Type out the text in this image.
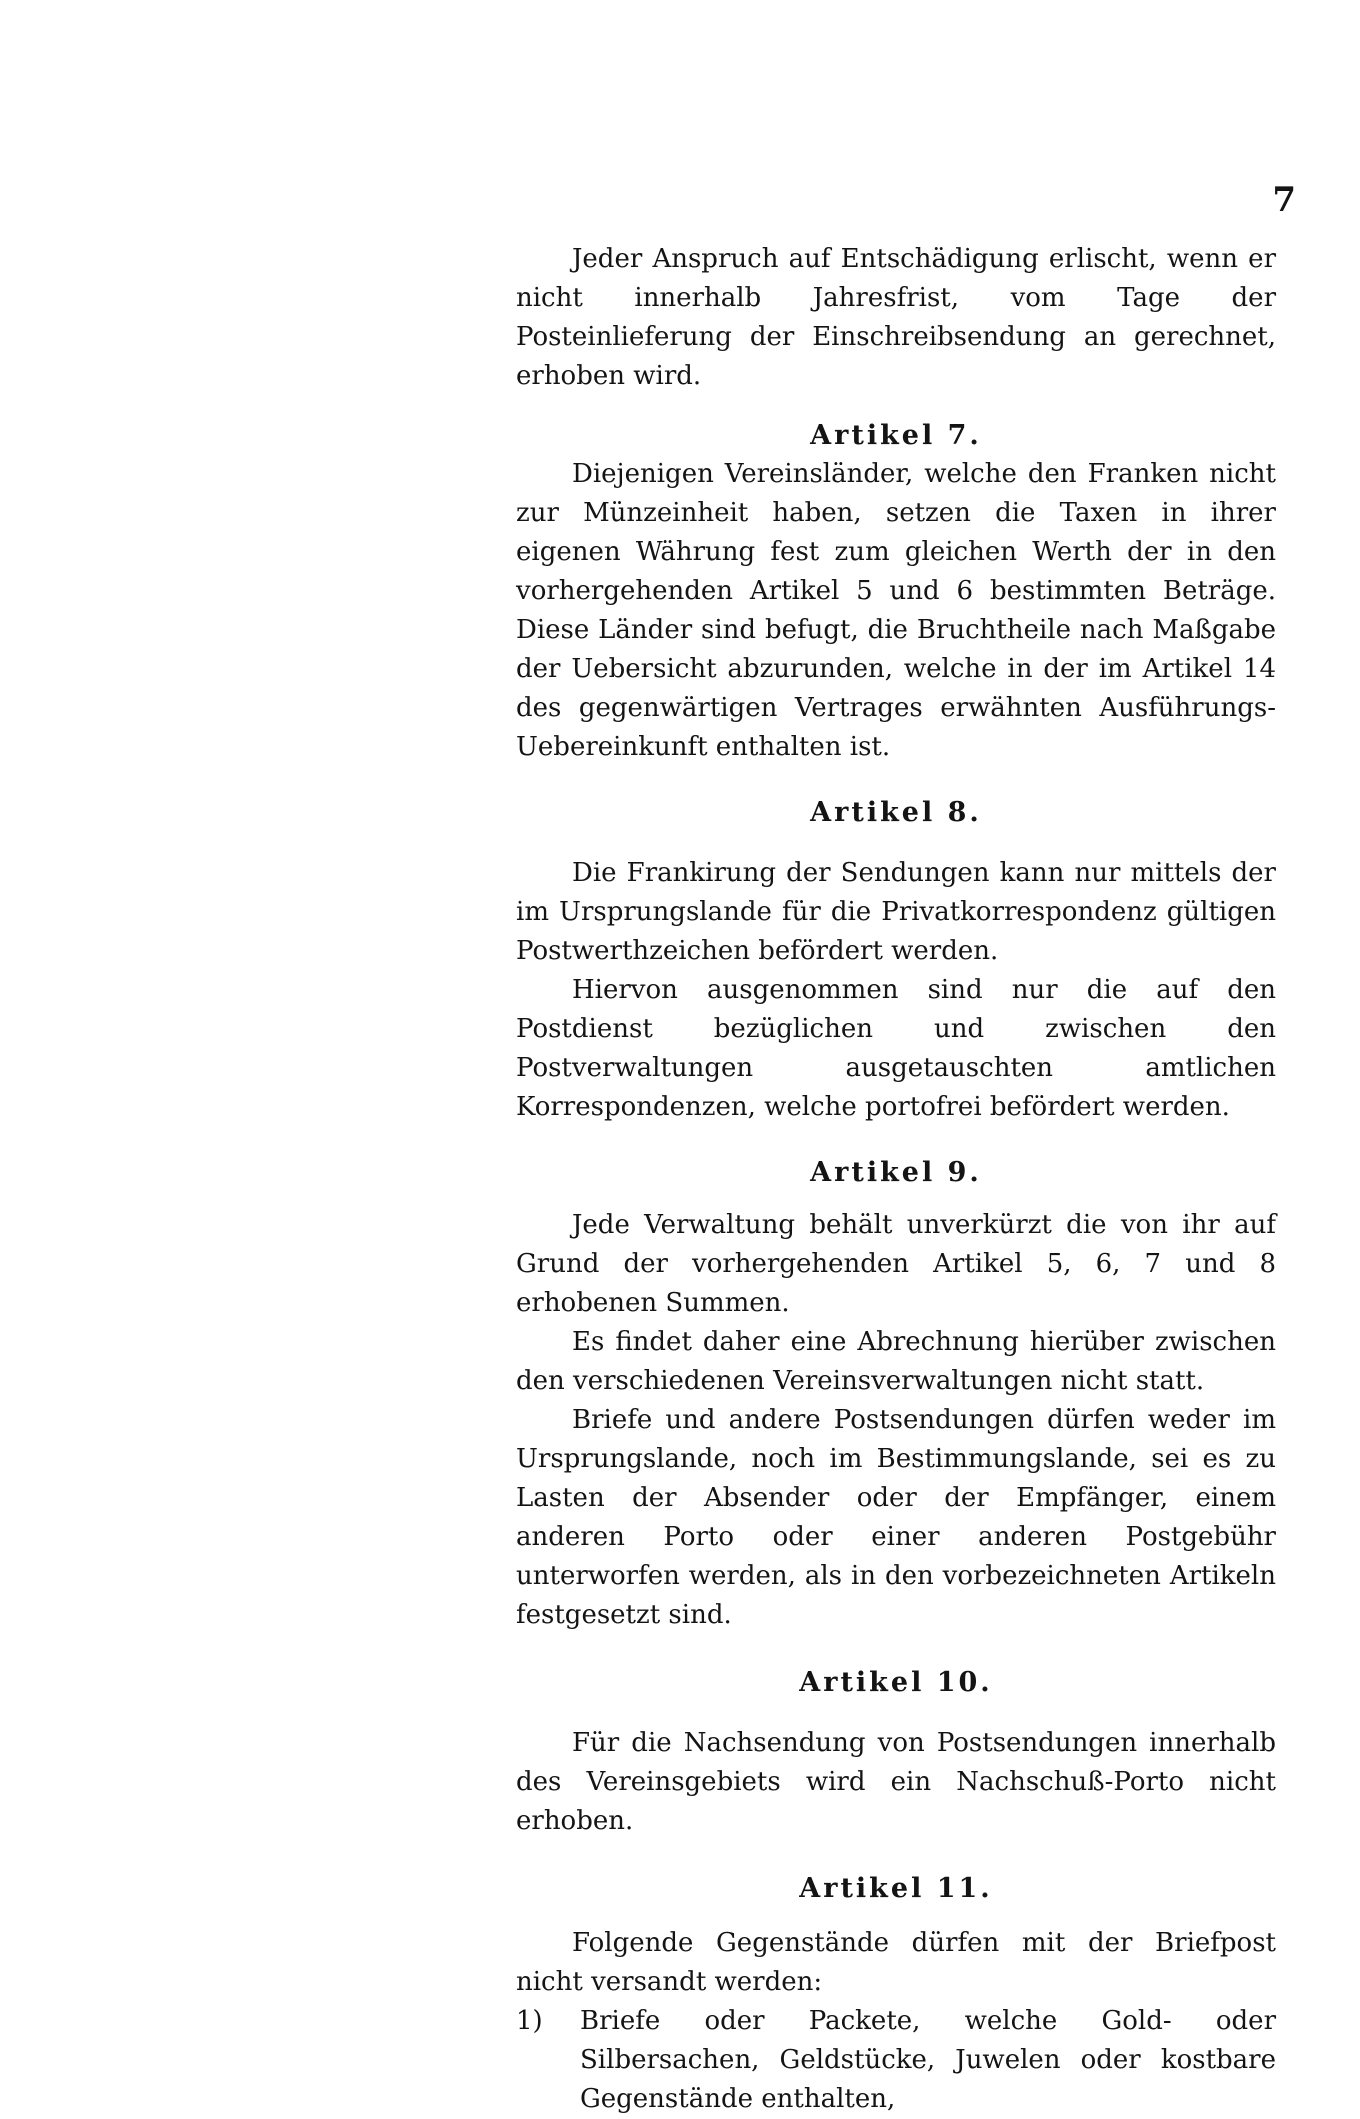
7

Jeder Anspruch auf Entschädigung erlischt, wenn er nicht innerhalb Jahresfrist, vom Tage der Posteinlieferung der Einschreibsendung an gerechnet, erhoben wird.

Artikel 7.

Diejenigen Vereinsländer, welche den Franken nicht zur Münzeinheit haben, setzen die Taxen in ihrer eigenen Währung fest zum gleichen Werth der in den vorhergehenden Artikel 5 und 6 bestimmten Beträge. Diese Länder sind befugt, die Bruchtheile nach Maßgabe der Uebersicht abzurunden, welche in der im Artikel 14 des gegenwärtigen Vertrages erwähnten Ausführungs-Uebereinkunft enthalten ist.

Artikel 8.

Die Frankirung der Sendungen kann nur mittels der im Ursprungslande für die Privatkorrespondenz gültigen Postwerthzeichen befördert werden.

Hiervon ausgenommen sind nur die auf den Postdienst bezüglichen und zwischen den Postverwaltungen ausgetauschten amtlichen Korrespondenzen, welche portofrei befördert werden.

Artikel 9.

Jede Verwaltung behält unverkürzt die von ihr auf Grund der vorhergehenden Artikel 5, 6, 7 und 8 erhobenen Summen.

Es findet daher eine Abrechnung hierüber zwischen den verschiedenen Vereinsverwaltungen nicht statt.

Briefe und andere Postsendungen dürfen weder im Ursprungslande, noch im Bestimmungslande, sei es zu Lasten der Absender oder der Empfänger, einem anderen Porto oder einer anderen Postgebühr unterworfen werden, als in den vorbezeichneten Artikeln festgesetzt sind.

Artikel 10.

Für die Nachsendung von Postsendungen innerhalb des Vereinsgebiets wird ein Nachschuß-Porto nicht erhoben.

Artikel 11.

Folgende Gegenstände dürfen mit der Briefpost nicht versandt werden:

1)	Briefe oder Packete, welche Gold- oder Silbersachen, Geldstücke, Juwelen oder kostbare Gegenstände enthalten,
